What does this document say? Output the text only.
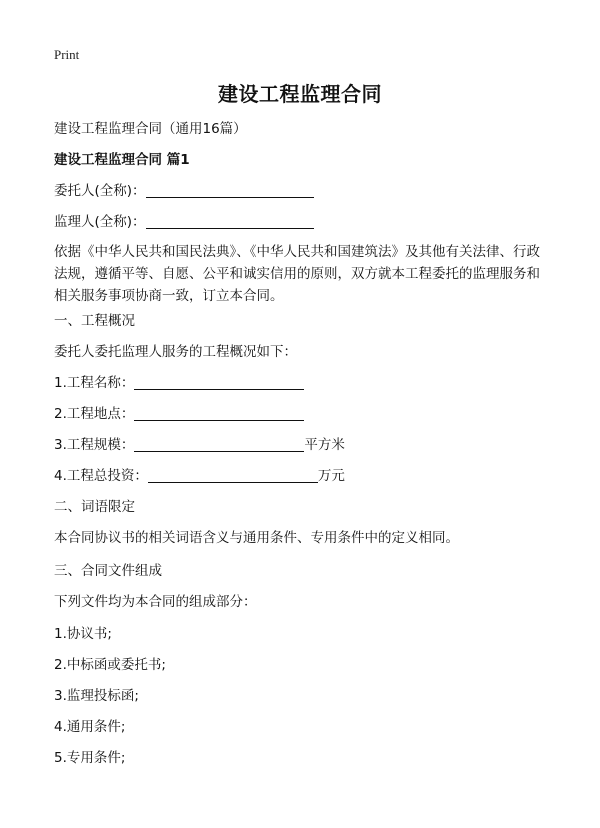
Print
建设工程监理合同
建设工程监理合同（通用16篇）
建设工程监理合同 篇1
委托人(全称)：
监理人(全称)：
依据《中华人民共和国民法典》、《中华人民共和国建筑法》及其他有关法律、行政法规，遵循平等、自愿、公平和诚实信用的原则，双方就本工程委托的监理服务和相关服务事项协商一致，订立本合同。
一、工程概况
委托人委托监理人服务的工程概况如下：
1.工程名称：
2.工程地点：
3.工程规模：	平方米
4.工程总投资：	万元
二、词语限定
本合同协议书的相关词语含义与通用条件、专用条件中的定义相同。
三、合同文件组成
下列文件均为本合同的组成部分：
1.协议书;
2.中标函或委托书;
3.监理投标函;
4.通用条件;
5.专用条件;
